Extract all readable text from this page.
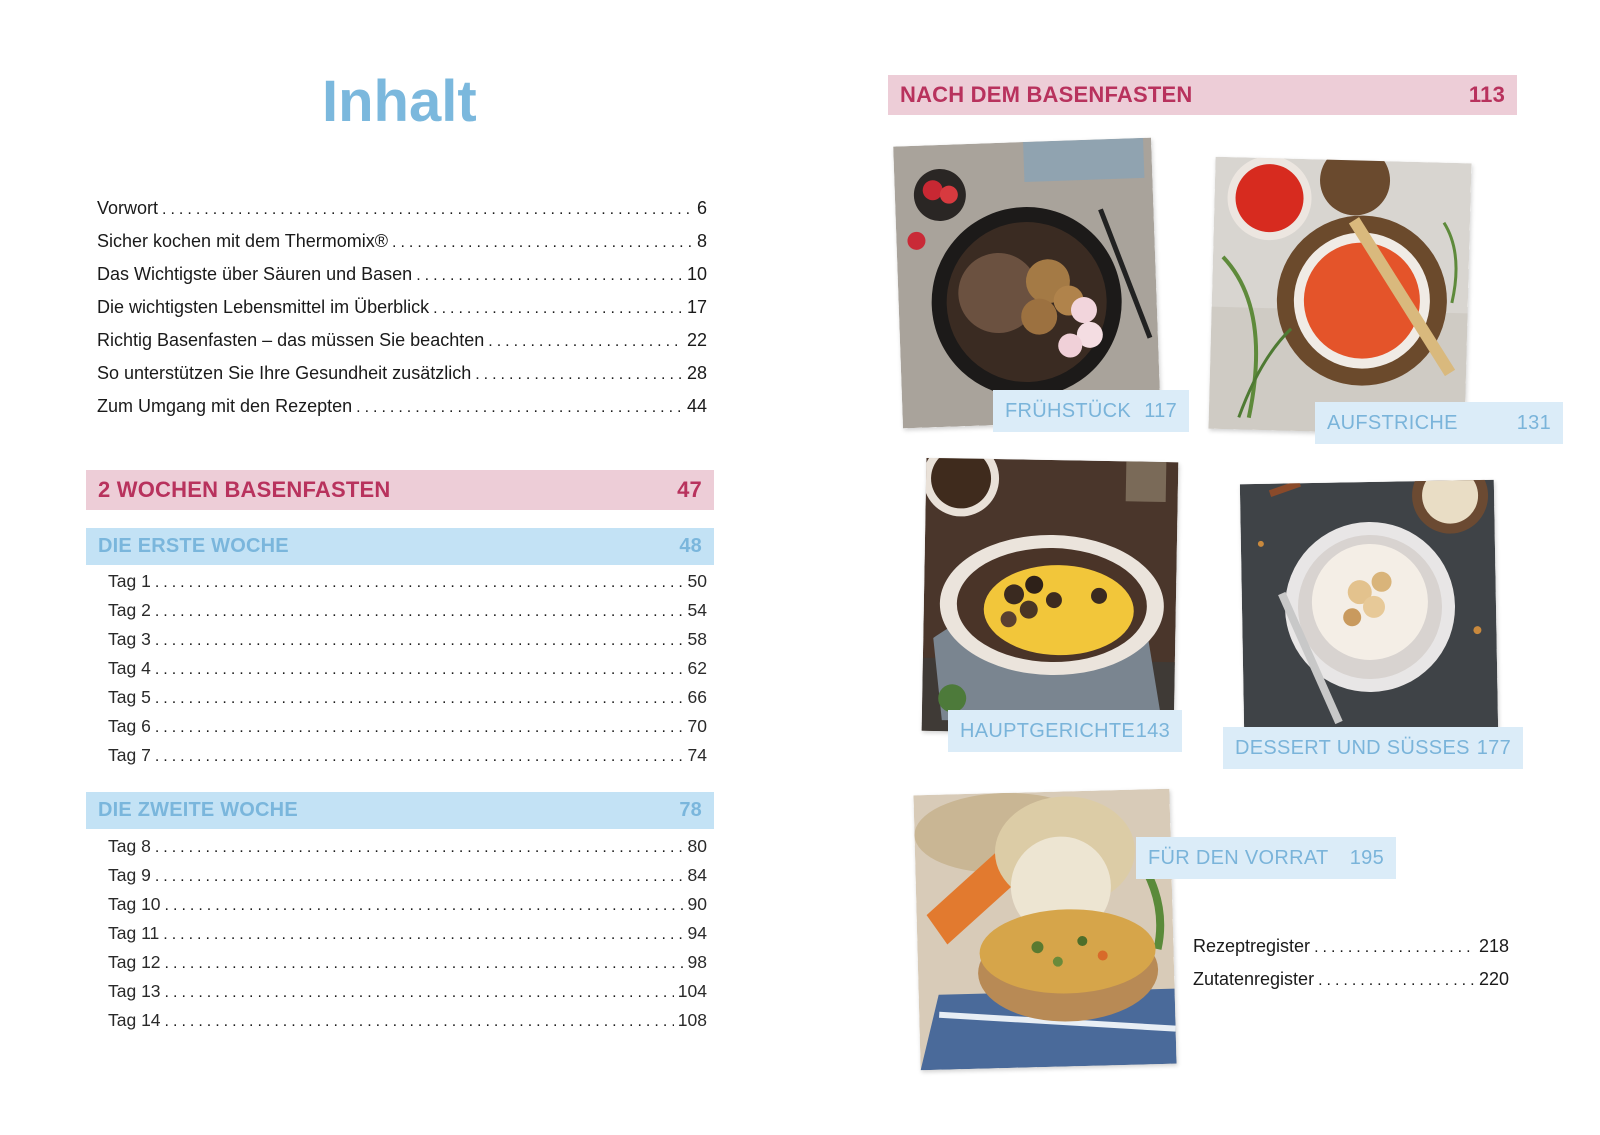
Inhalt
Vorwort .....	6
Sicher kochen mit dem Thermomix® .....	8
Das Wichtigste über Säuren und Basen .....	10
Die wichtigsten Lebensmittel im Überblick .....	17
Richtig Basenfasten – das müssen Sie beachten .....	22
So unterstützen Sie Ihre Gesundheit zusätzlich .....	28
Zum Umgang mit den Rezepten .....	44
2 WOCHEN BASENFASTEN	47
DIE ERSTE WOCHE	48
Tag 1 .....	50
Tag 2 .....	54
Tag 3 .....	58
Tag 4 .....	62
Tag 5 .....	66
Tag 6 .....	70
Tag 7 .....	74
DIE ZWEITE WOCHE	78
Tag 8 .....	80
Tag 9 .....	84
Tag 10 .....	90
Tag 11 .....	94
Tag 12 .....	98
Tag 13 .....	104
Tag 14 .....	108
NACH DEM BASENFASTEN	113
FRÜHSTÜCK 117
AUFSTRICHE	131
HAUPTGERICHTE 143
DESSERT UND SÜSSES 177
FÜR DEN VORRAT 195
Rezeptregister .....	218
Zutatenregister .....	220
